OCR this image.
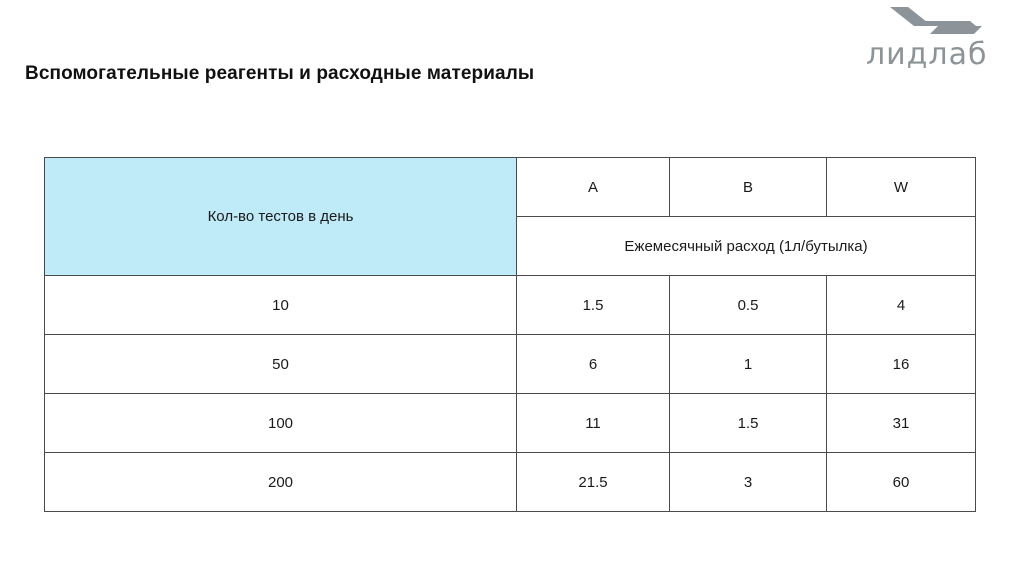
Вспомогательные реагенты и расходные материалы
лидлаб
Кол-во тестов в день	A	B	W
	Ежемесячный расход (1л/бутылка)		
10	1.5	0.5	4
50	6	1	16
100	11	1.5	31
200	21.5	3	60
